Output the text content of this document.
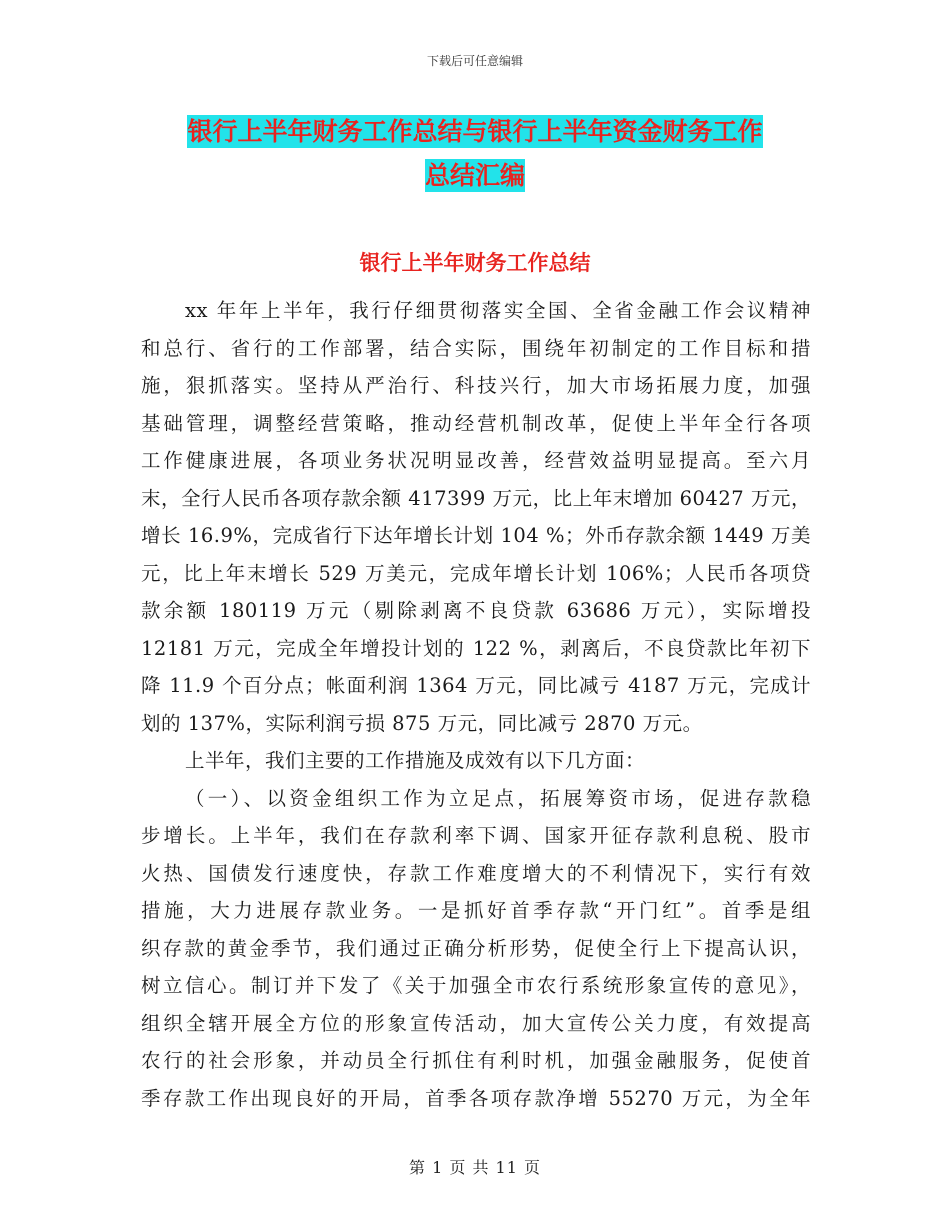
下载后可任意编辑
银行上半年财务工作总结与银行上半年资金财务工作
总结汇编
银行上半年财务工作总结
xx 年年上半年，我行仔细贯彻落实全国、全省金融工作会议精神
和总行、省行的工作部署，结合实际，围绕年初制定的工作目标和措
施，狠抓落实。坚持从严治行、科技兴行，加大市场拓展力度，加强
基础管理，调整经营策略，推动经营机制改革，促使上半年全行各项
工作健康进展，各项业务状况明显改善，经营效益明显提高。至六月
末，全行人民币各项存款余额 417399 万元，比上年末增加 60427 万元，
增长 16.9%，完成省行下达年增长计划 104 %；外币存款余额 1449 万美
元，比上年末增长 529 万美元，完成年增长计划 106%；人民币各项贷
款余额 180119 万元（剔除剥离不良贷款 63686 万元），实际增投
12181 万元，完成全年增投计划的 122 %，剥离后，不良贷款比年初下
降 11.9 个百分点；帐面利润 1364 万元，同比减亏 4187 万元，完成计
划的 137%，实际利润亏损 875 万元，同比减亏 2870 万元。
上半年，我们主要的工作措施及成效有以下几方面：
（一）、以资金组织工作为立足点，拓展筹资市场，促进存款稳
步增长。上半年，我们在存款利率下调、国家开征存款利息税、股市
火热、国债发行速度快，存款工作难度增大的不利情况下，实行有效
措施，大力进展存款业务。一是抓好首季存款“开门红”。首季是组
织存款的黄金季节，我们通过正确分析形势，促使全行上下提高认识，
树立信心。制订并下发了《关于加强全市农行系统形象宣传的意见》，
组织全辖开展全方位的形象宣传活动，加大宣传公关力度，有效提高
农行的社会形象，并动员全行抓住有利时机，加强金融服务，促使首
季存款工作出现良好的开局，首季各项存款净增 55270 万元，为全年
第 1 页 共 11 页
